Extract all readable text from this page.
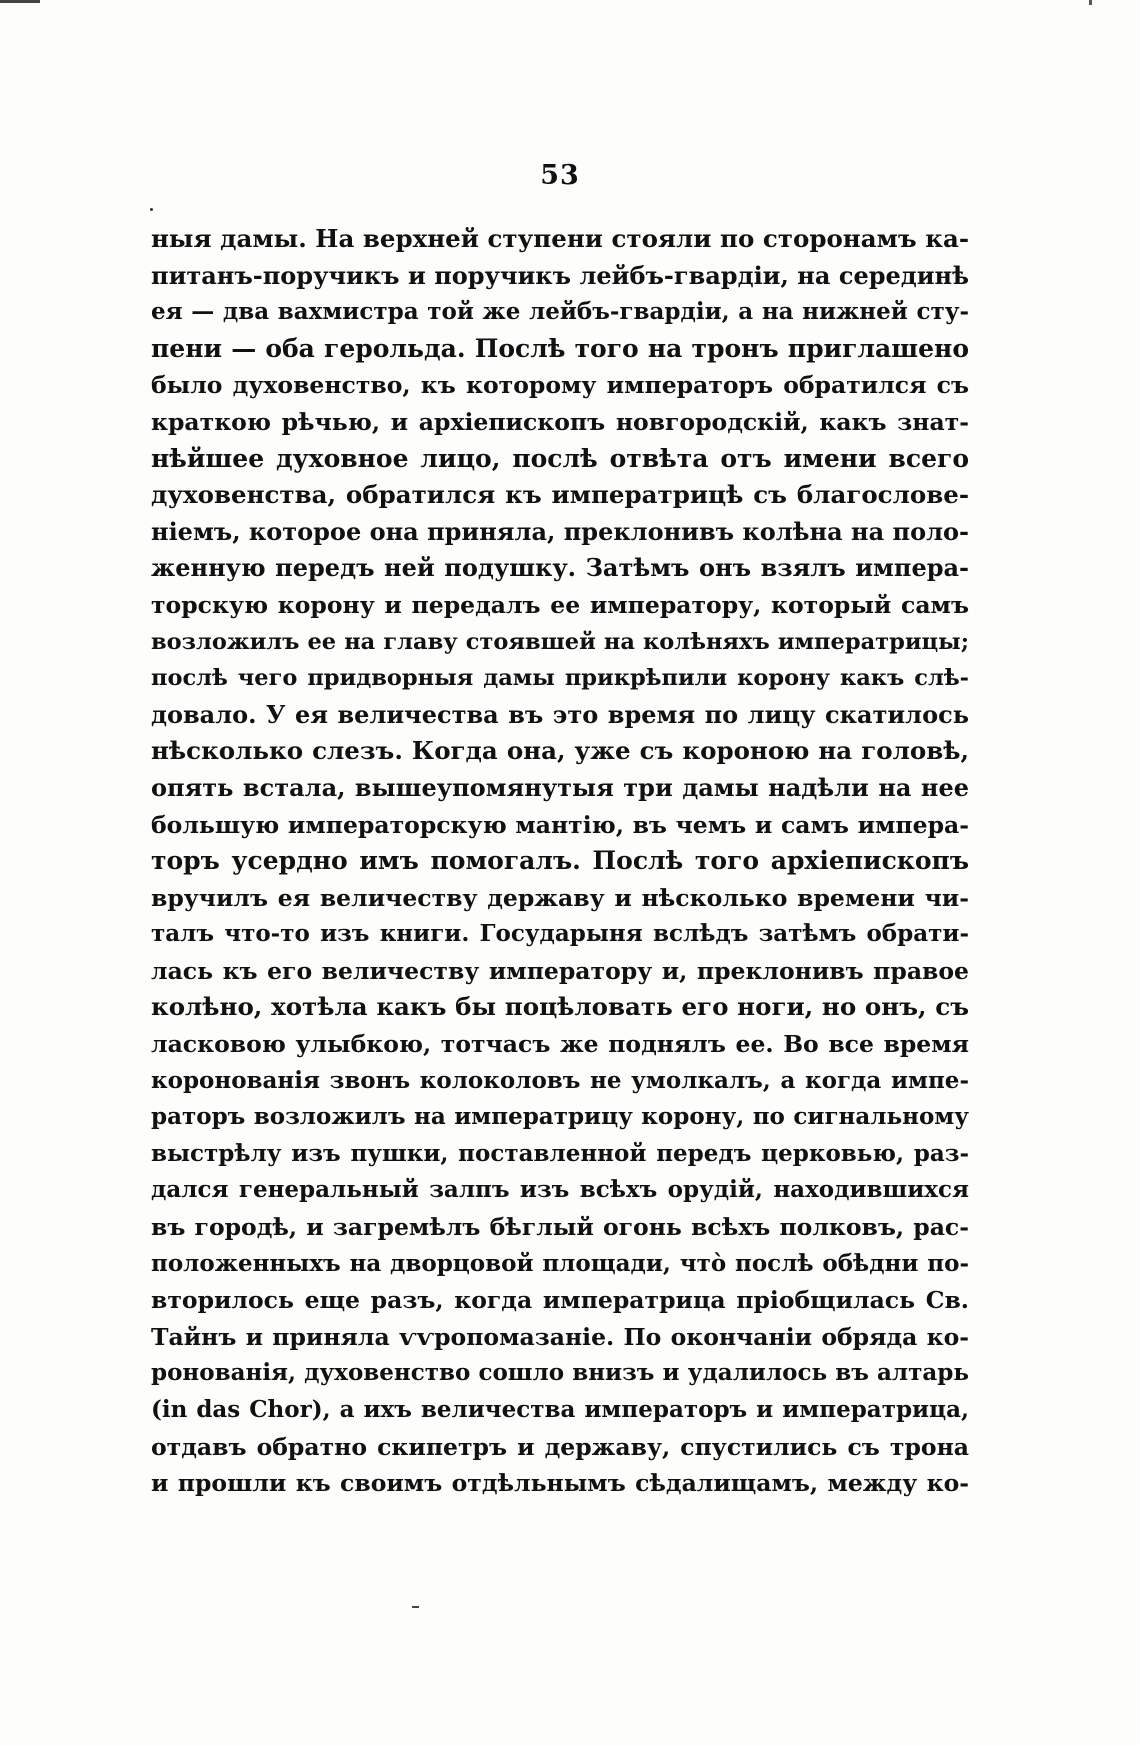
53
ныя дамы. На верхней ступени стояли по сторонамъ ка-
питанъ-поручикъ и поручикъ лейбъ-гвардіи, на серединѣ
ея — два вахмистра той же лейбъ-гвардіи, а на нижней сту-
пени — оба герольда. Послѣ того на тронъ приглашено
было духовенство, къ которому императоръ обратился съ
краткою рѣчью, и архіепископъ новгородскій, какъ знат-
нѣйшее духовное лицо, послѣ отвѣта отъ имени всего
духовенства, обратился къ императрицѣ съ благослове-
ніемъ, которое она приняла, преклонивъ колѣна на поло-
женную передъ ней подушку. Затѣмъ онъ взялъ импера-
торскую корону и передалъ ее императору, который самъ
возложилъ ее на главу стоявшей на колѣняхъ императрицы;
послѣ чего придворныя дамы прикрѣпили корону какъ слѣ-
довало. У ея величества въ это время по лицу скатилось
нѣсколько слезъ. Когда она, уже съ короною на головѣ,
опять встала, вышеупомянутыя три дамы надѣли на нее
большую императорскую мантію, въ чемъ и самъ импера-
торъ усердно имъ помогалъ. Послѣ того архіепископъ
вручилъ ея величеству державу и нѣсколько времени чи-
талъ что-то изъ книги. Государыня вслѣдъ затѣмъ обрати-
лась къ его величеству императору и, преклонивъ правое
колѣно, хотѣла какъ бы поцѣловать его ноги, но онъ, съ
ласковою улыбкою, тотчасъ же поднялъ ее. Во все время
коронованія звонъ колоколовъ не умолкалъ, а когда импе-
раторъ возложилъ на императрицу корону, по сигнальному
выстрѣлу изъ пушки, поставленной передъ церковью, раз-
дался генеральный залпъ изъ всѣхъ орудій, находившихся
въ городѣ, и загремѣлъ бѣглый огонь всѣхъ полковъ, рас-
положенныхъ на дворцовой площади, что̀ послѣ обѣдни по-
вторилось еще разъ, когда императрица пріобщилась Св.
Тайнъ и приняла ѵѵропомазаніе. По окончаніи обряда ко-
ронованія, духовенство сошло внизъ и удалилось въ алтарь
(in das Chor), а ихъ величества императоръ и императрица,
отдавъ обратно скипетръ и державу, спустились съ трона
и прошли къ своимъ отдѣльнымъ сѣдалищамъ, между ко-
